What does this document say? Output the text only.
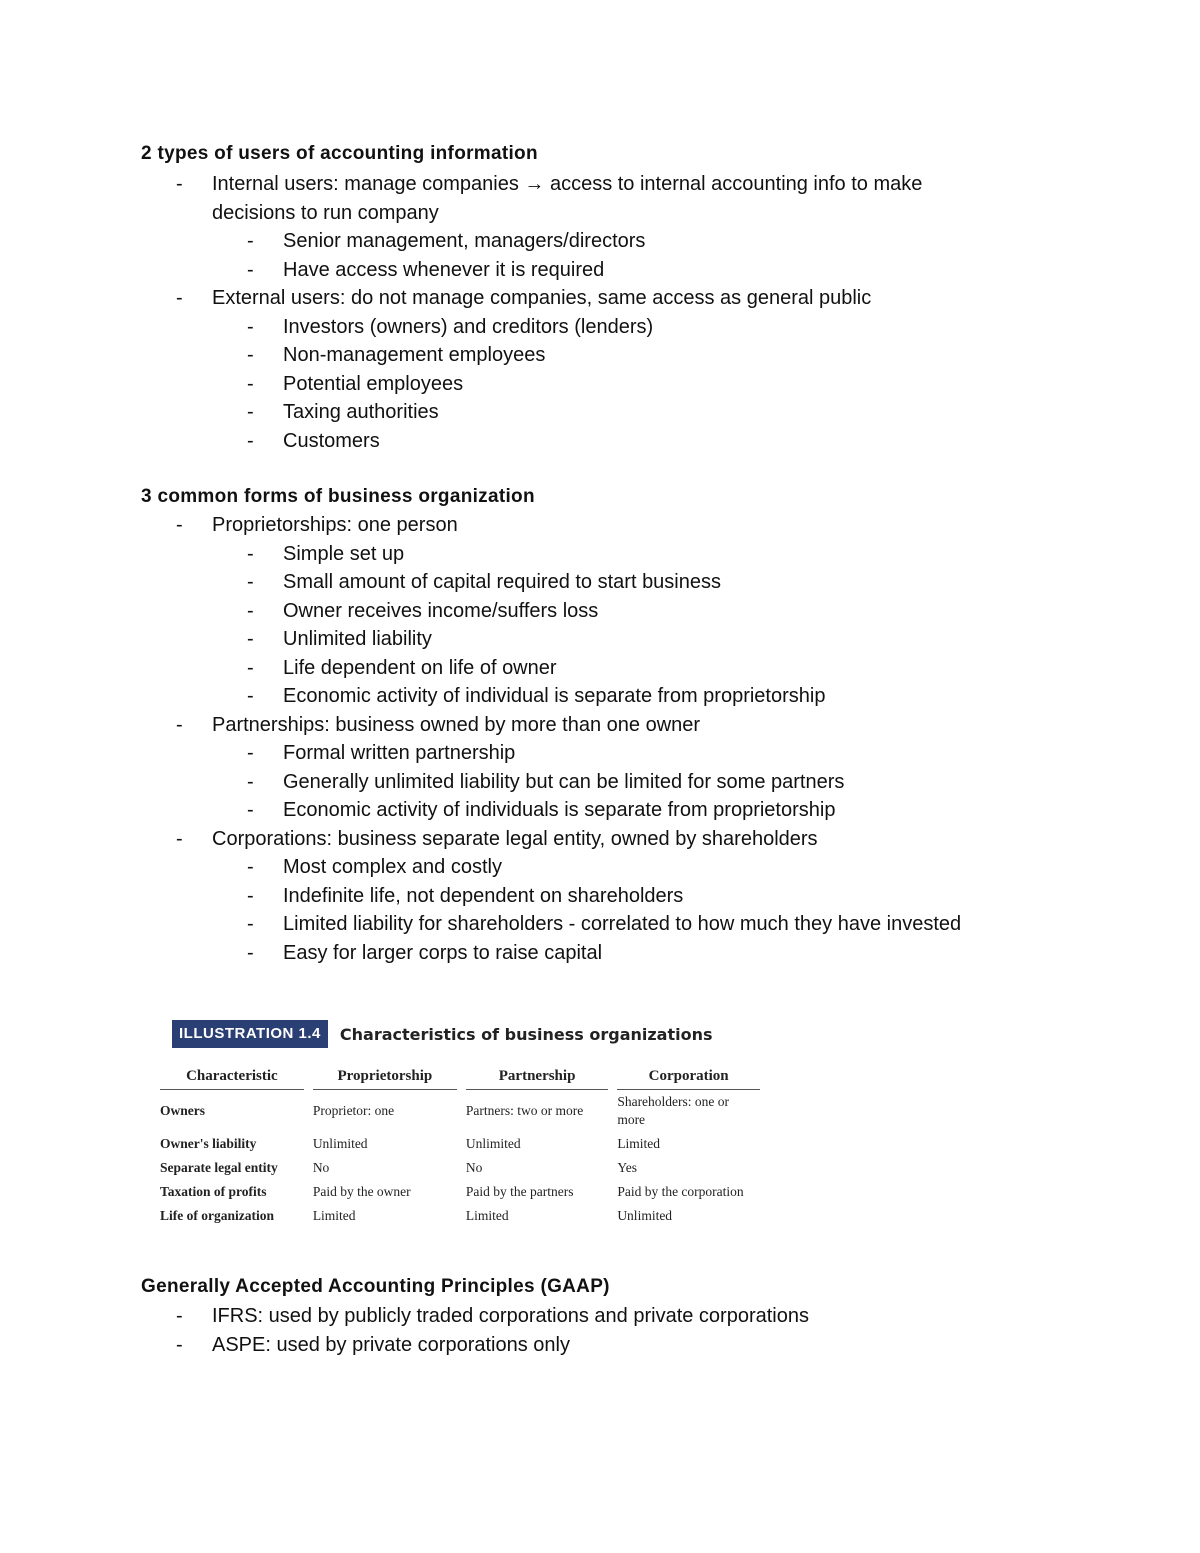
2 types of users of accounting information
- Internal users: manage companies → access to internal accounting info to make decisions to run company
- Senior management, managers/directors
- Have access whenever it is required
- External users: do not manage companies, same access as general public
- Investors (owners) and creditors (lenders)
- Non-management employees
- Potential employees
- Taxing authorities
- Customers
3 common forms of business organization
- Proprietorships: one person
- Simple set up
- Small amount of capital required to start business
- Owner receives income/suffers loss
- Unlimited liability
- Life dependent on life of owner
- Economic activity of individual is separate from proprietorship
- Partnerships: business owned by more than one owner
- Formal written partnership
- Generally unlimited liability but can be limited for some partners
- Economic activity of individuals is separate from proprietorship
- Corporations: business separate legal entity, owned by shareholders
- Most complex and costly
- Indefinite life, not dependent on shareholders
- Limited liability for shareholders - correlated to how much they have invested
- Easy for larger corps to raise capital
ILLUSTRATION 1.4	Characteristics of business organizations
Characteristic		Proprietorship		Partnership		Corporation
Owners		Proprietor: one		Partners: two or more		Shareholders: one or more
Owner's liability		Unlimited		Unlimited		Limited
Separate legal entity		No		No		Yes
Taxation of profits		Paid by the owner		Paid by the partners		Paid by the corporation
Life of organization		Limited		Limited		Unlimited
Generally Accepted Accounting Principles (GAAP)
- IFRS: used by publicly traded corporations and private corporations
- ASPE: used by private corporations only
